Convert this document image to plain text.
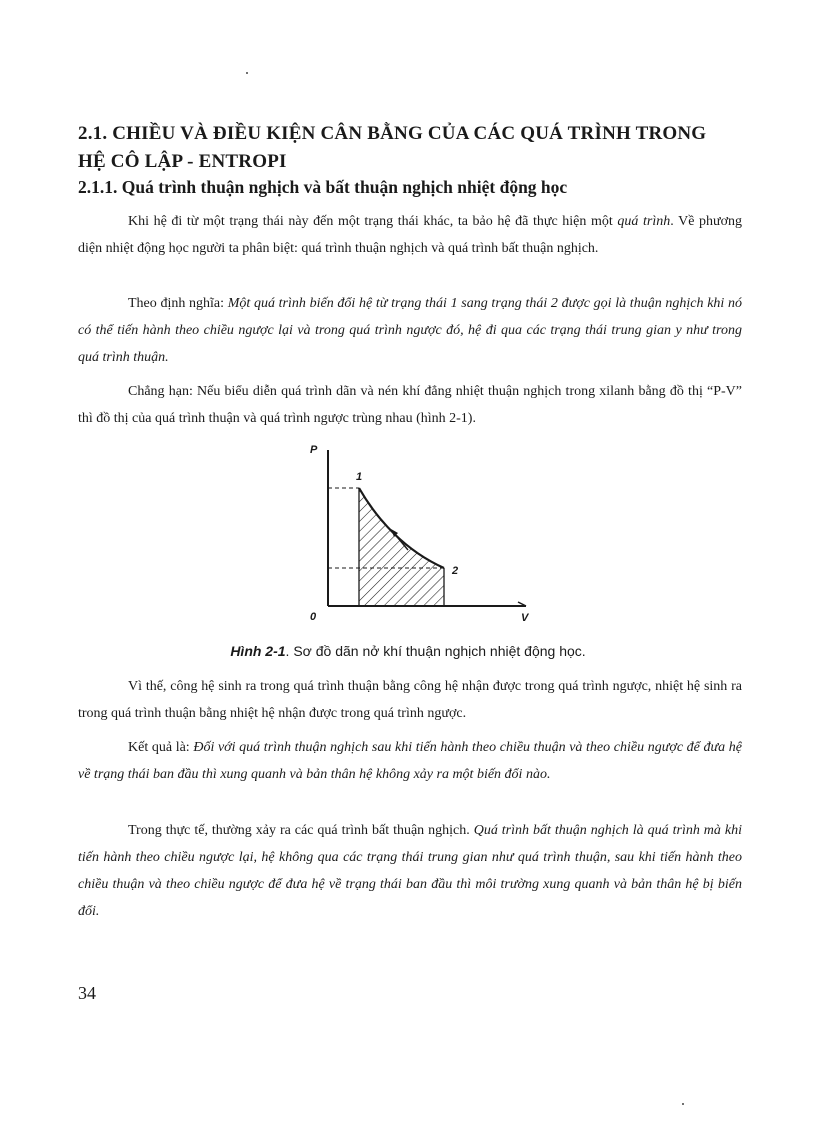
2.1. CHIỀU VÀ ĐIỀU KIỆN CÂN BẰNG CỦA CÁC QUÁ TRÌNH TRONG
HỆ CÔ LẬP - ENTROPI
2.1.1. Quá trình thuận nghịch và bất thuận nghịch nhiệt động học

Khi hệ đi từ một trạng thái này đến một trạng thái khác, ta bảo hệ đã thực hiện một quá trình. Về phương diện nhiệt động học người ta phân biệt: quá trình thuận nghịch và quá trình bất thuận nghịch.

Theo định nghĩa: Một quá trình biến đổi hệ từ trạng thái 1 sang trạng thái 2 được gọi là thuận nghịch khi nó có thể tiến hành theo chiều ngược lại và trong quá trình ngược đó, hệ đi qua các trạng thái trung gian y như trong quá trình thuận.

Chẳng hạn: Nếu biểu diễn quá trình dãn và nén khí đẳng nhiệt thuận nghịch trong xilanh bằng đồ thị “P-V” thì đồ thị của quá trình thuận và quá trình ngược trùng nhau (hình 2-1).

P
V
0
1
2

Hình 2-1. Sơ đồ dãn nở khí thuận nghịch nhiệt động học.

Vì thế, công hệ sinh ra trong quá trình thuận bằng công hệ nhận được trong quá trình ngược, nhiệt hệ sinh ra trong quá trình thuận bằng nhiệt hệ nhận được trong quá trình ngược.

Kết quả là: Đối với quá trình thuận nghịch sau khi tiến hành theo chiều thuận và theo chiều ngược để đưa hệ về trạng thái ban đầu thì xung quanh và bản thân hệ không xảy ra một biến đổi nào.

Trong thực tế, thường xảy ra các quá trình bất thuận nghịch. Quá trình bất thuận nghịch là quá trình mà khi tiến hành theo chiều ngược lại, hệ không qua các trạng thái trung gian như quá trình thuận, sau khi tiến hành theo chiều thuận và theo chiều ngược để đưa hệ về trạng thái ban đầu thì môi trường xung quanh và bản thân hệ bị biến đổi.

34
